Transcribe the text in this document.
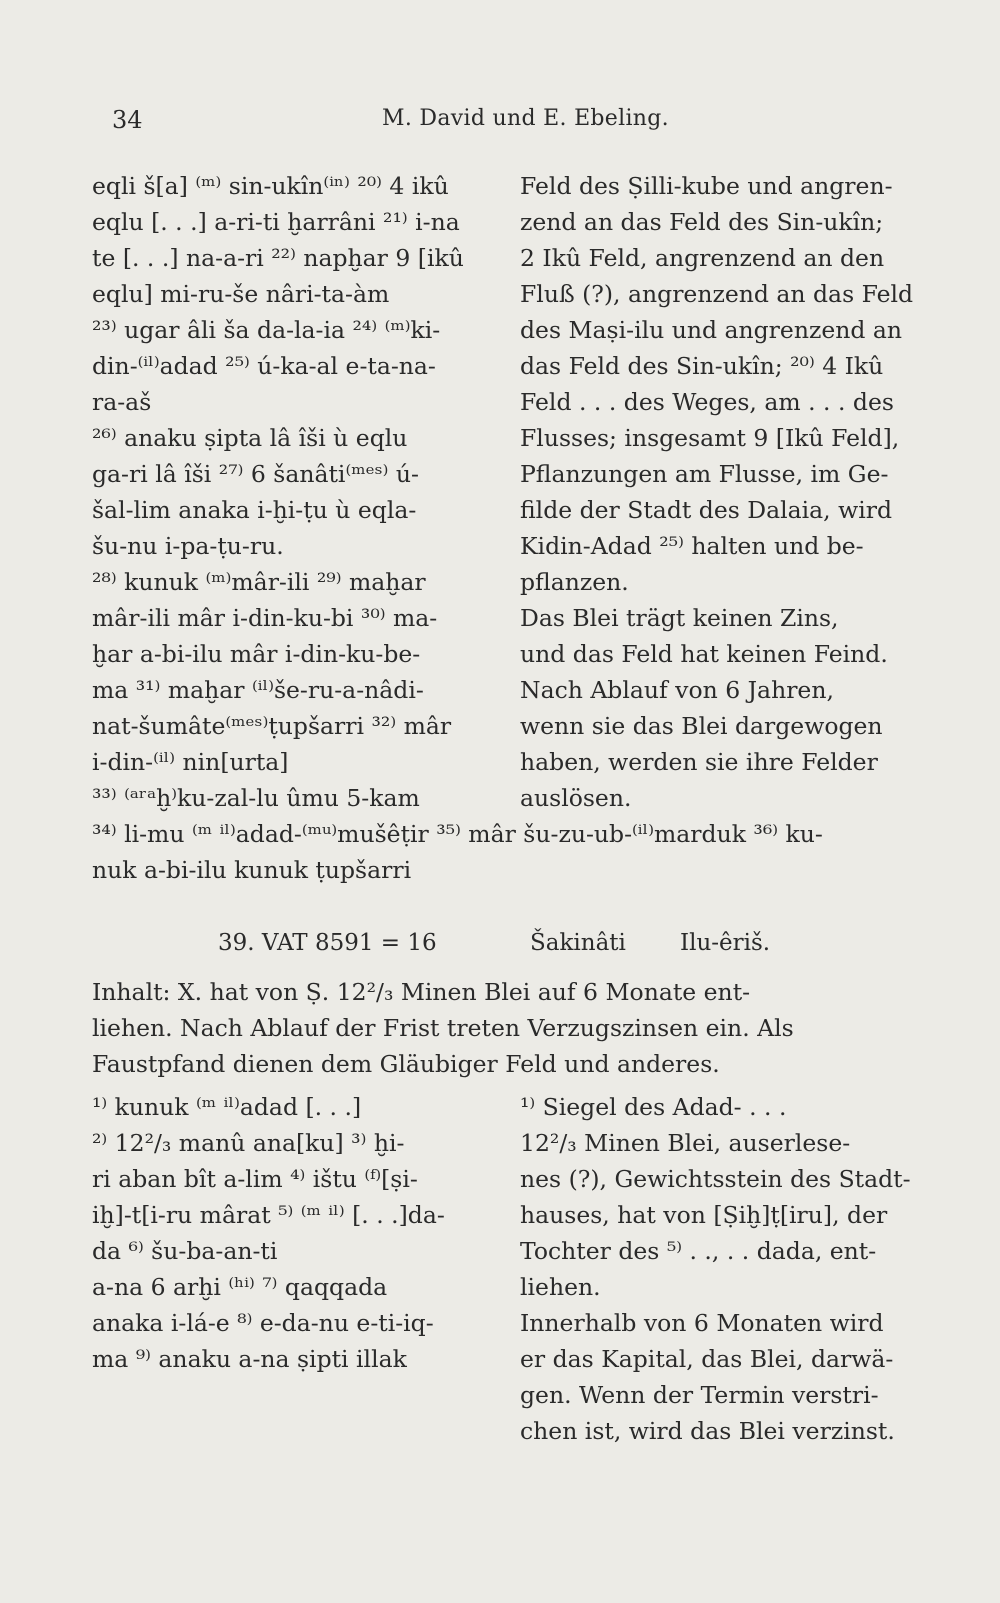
34	M. David und E. Ebeling.
eqli š[a] ⁽ᵐ⁾ sin-ukîn⁽ⁱⁿ⁾ ²⁰⁾ 4 ikû
eqlu [. . .] a-ri-ti ḫarrâni ²¹⁾ i-na
te [. . .] na-a-ri ²²⁾ napḫar 9 [ikû
eqlu] mi-ru-še nâri-ta-àm
²³⁾ ugar âli ša da-la-ia ²⁴⁾ ⁽ᵐ⁾ki-
din-⁽ⁱˡ⁾adad ²⁵⁾ ú-ka-al e-ta-na-
ra-aš
²⁶⁾ anaku ṣipta lâ îši ù eqlu
ga-ri lâ îši ²⁷⁾ 6 šanâti⁽ᵐᵉˢ⁾ ú-
šal-lim anaka i-ḫi-ṭu ù eqla-
šu-nu i-pa-ṭu-ru.
²⁸⁾ kunuk ⁽ᵐ⁾mâr-ili ²⁹⁾ maḫar
mâr-ili mâr i-din-ku-bi ³⁰⁾ ma-
ḫar a-bi-ilu mâr i-din-ku-be-
ma ³¹⁾ maḫar ⁽ⁱˡ⁾še-ru-a-nâdi-
nat-šumâte⁽ᵐᵉˢ⁾ṭupšarri ³²⁾ mâr
i-din-⁽ⁱˡ⁾ nin[urta]
³³⁾ ⁽ᵃʳᵃḫ⁾ku-zal-lu ûmu 5-kam
Feld des Ṣilli-kube und angren-
zend an das Feld des Sin-ukîn;
2 Ikû Feld, angrenzend an den
Fluß (?), angrenzend an das Feld
des Maṣi-ilu und angrenzend an
das Feld des Sin-ukîn; ²⁰⁾ 4 Ikû
Feld . . . des Weges, am . . . des
Flusses; insgesamt 9 [Ikû Feld],
Pflanzungen am Flusse, im Ge-
filde der Stadt des Dalaia, wird
Kidin-Adad ²⁵⁾ halten und be-
pflanzen.
Das Blei trägt keinen Zins,
und das Feld hat keinen Feind.
Nach Ablauf von 6 Jahren,
wenn sie das Blei dargewogen
haben, werden sie ihre Felder
auslösen.
³⁴⁾ li-mu ⁽ᵐ ⁱˡ⁾adad-⁽ᵐᵘ⁾mušêṭir ³⁵⁾ mâr šu-zu-ub-⁽ⁱˡ⁾marduk ³⁶⁾ ku-
nuk a-bi-ilu kunuk ṭupšarri
39. VAT 8591 = 16	Šakinâti Ilu-êriš.
Inhalt: X. hat von Ṣ. 12²/₃ Minen Blei auf 6 Monate ent-
liehen. Nach Ablauf der Frist treten Verzugszinsen ein. Als
Faustpfand dienen dem Gläubiger Feld und anderes.
¹⁾ kunuk ⁽ᵐ ⁱˡ⁾adad [. . .]
²⁾ 12²/₃ manû ana[ku] ³⁾ ḫi-
ri aban bît a-lim ⁴⁾ ištu ⁽ᶠ⁾[ṣi-
iḫ]-t[i-ru mârat ⁵⁾ ⁽ᵐ ⁱˡ⁾ [. . .]da-
da ⁶⁾ šu-ba-an-ti
a-na 6 arḫi ⁽ʰⁱ⁾ ⁷⁾ qaqqada
anaka i-lá-e ⁸⁾ e-da-nu e-ti-iq-
ma ⁹⁾ anaku a-na ṣipti illak
¹⁾ Siegel des Adad- . . .
12²/₃ Minen Blei, auserlese-
nes (?), Gewichtsstein des Stadt-
hauses, hat von [Ṣiḫ]ṭ[iru], der
Tochter des ⁵⁾ . ., . . dada, ent-
liehen.
Innerhalb von 6 Monaten wird
er das Kapital, das Blei, darwä-
gen. Wenn der Termin verstri-
chen ist, wird das Blei verzinst.
